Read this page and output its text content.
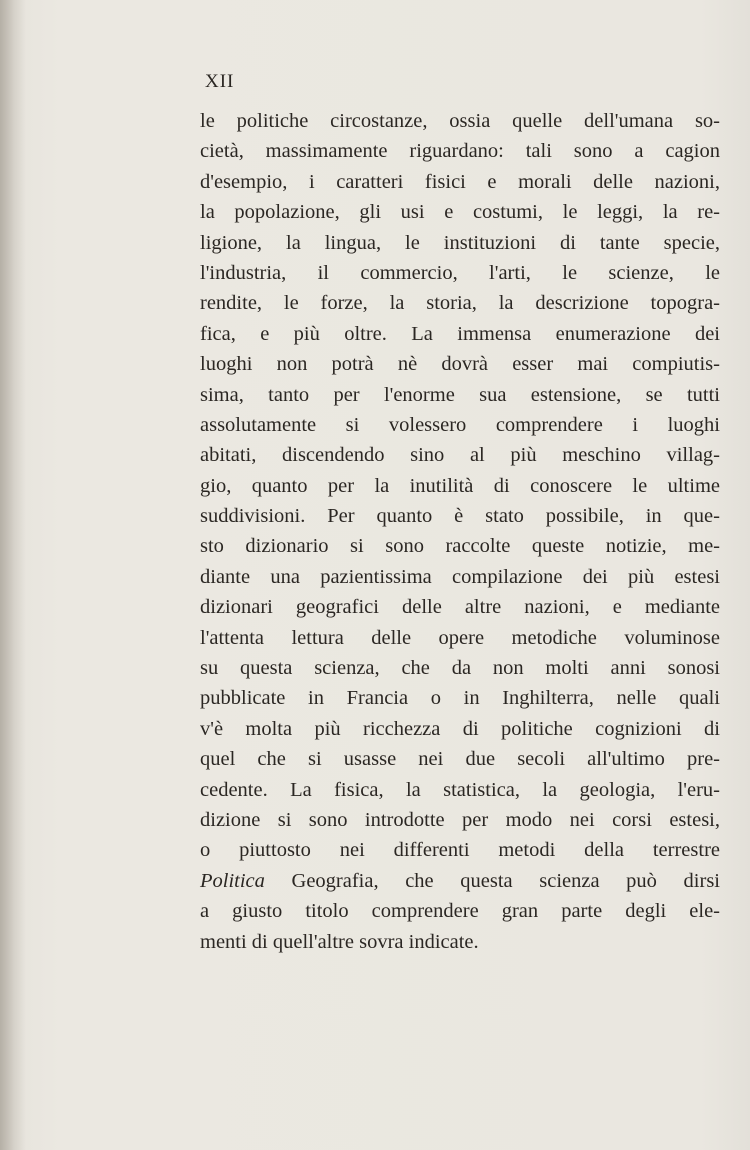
XII

le politiche circostanze, ossia quelle dell'umana so-
cietà, massimamente riguardano: tali sono a cagion
d'esempio, i caratteri fisici e morali delle nazioni,
la popolazione, gli usi e costumi, le leggi, la re-
ligione, la lingua, le instituzioni di tante specie,
l'industria, il commercio, l'arti, le scienze, le
rendite, le forze, la storia, la descrizione topogra-
fica, e più oltre. La immensa enumerazione dei
luoghi non potrà nè dovrà esser mai compiutis-
sima, tanto per l'enorme sua estensione, se tutti
assolutamente si volessero comprendere i luoghi
abitati, discendendo sino al più meschino villag-
gio, quanto per la inutilità di conoscere le ultime
suddivisioni. Per quanto è stato possibile, in que-
sto dizionario si sono raccolte queste notizie, me-
diante una pazientissima compilazione dei più estesi
dizionari geografici delle altre nazioni, e mediante
l'attenta lettura delle opere metodiche voluminose
su questa scienza, che da non molti anni sonosi
pubblicate in Francia o in Inghilterra, nelle quali
v'è molta più ricchezza di politiche cognizioni di
quel che si usasse nei due secoli all'ultimo pre-
cedente. La fisica, la statistica, la geologia, l'eru-
dizione si sono introdotte per modo nei corsi estesi,
o piuttosto nei differenti metodi della terrestre
Politica Geografia, che questa scienza può dirsi
a giusto titolo comprendere gran parte degli ele-
menti di quell'altre sovra indicate.
